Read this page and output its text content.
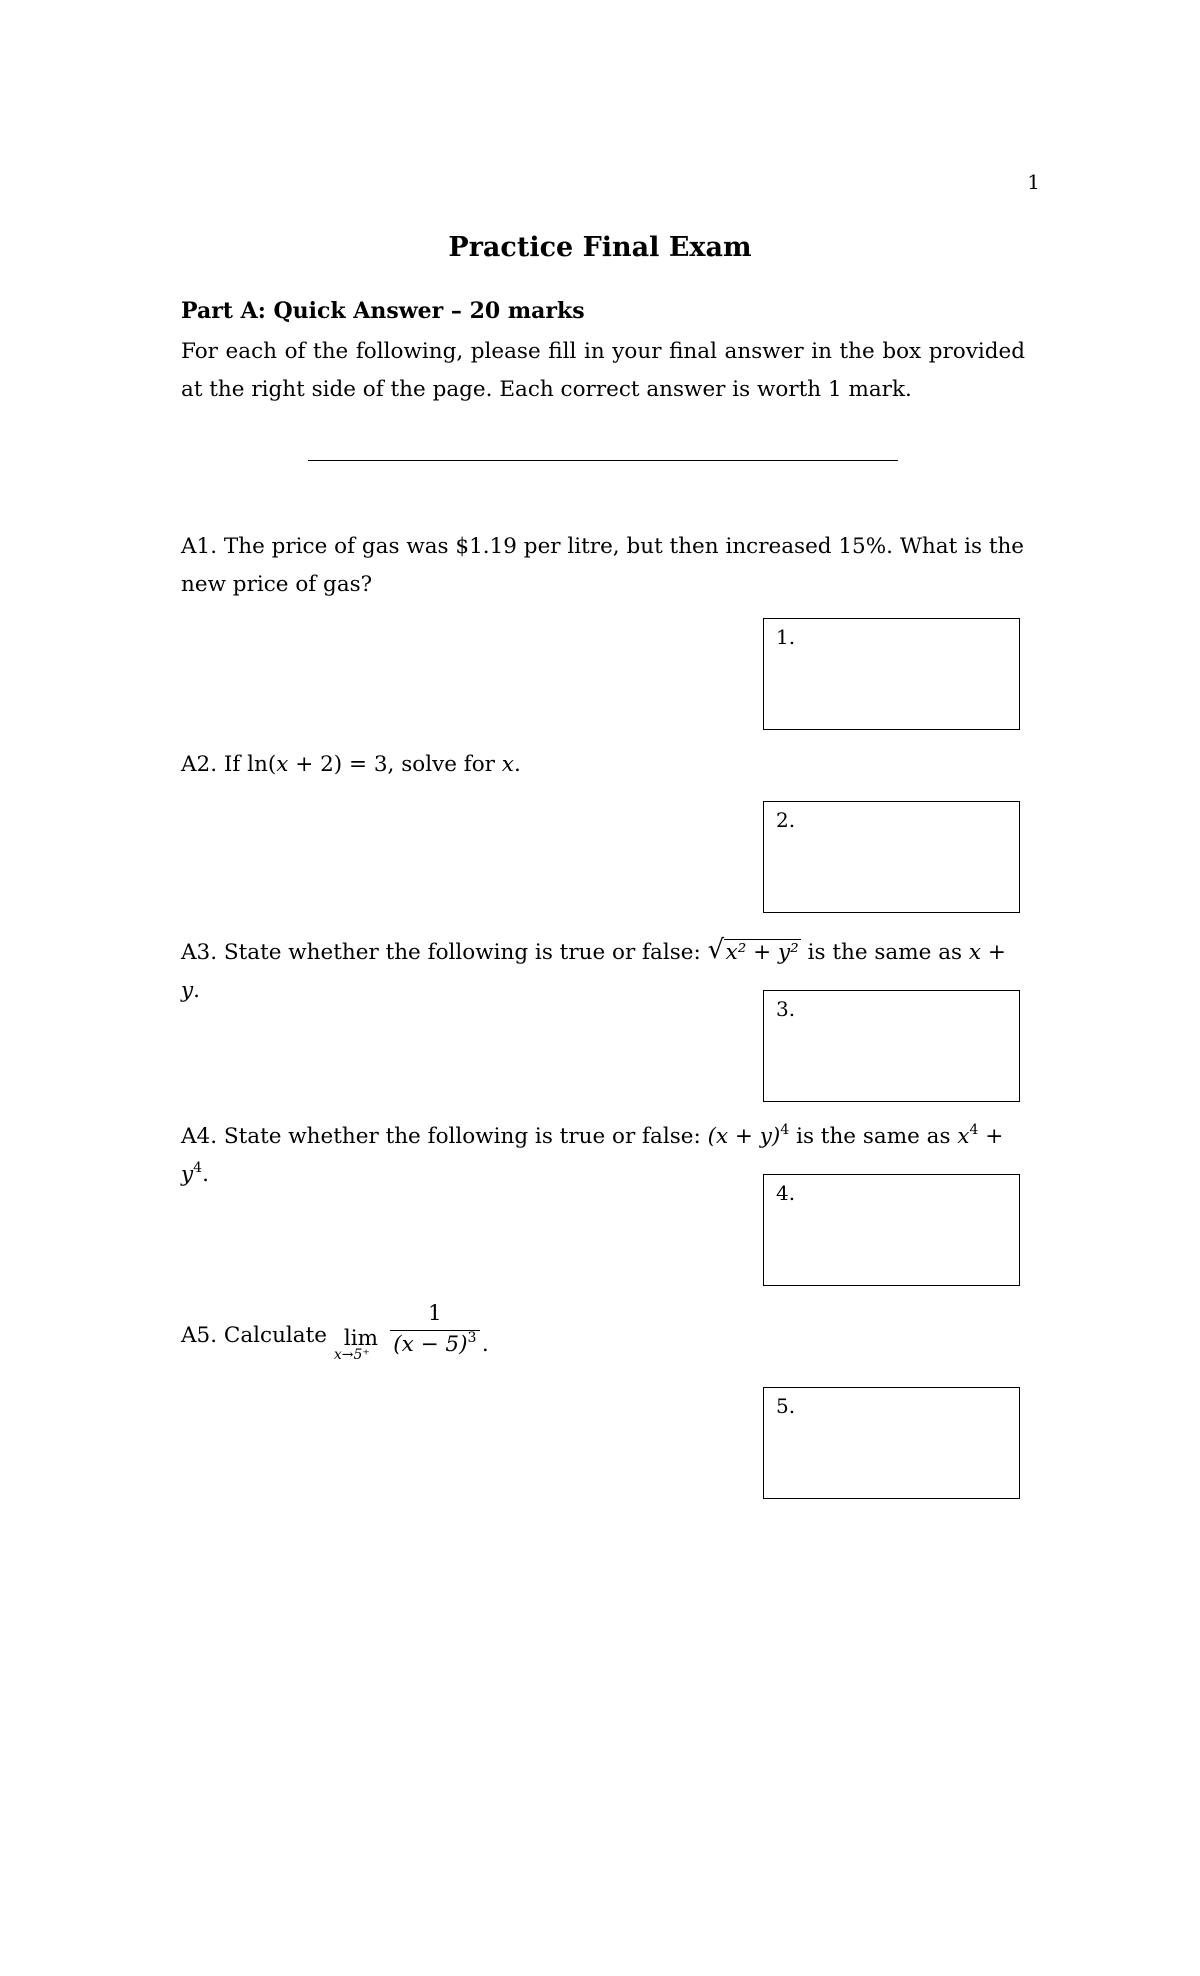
1
Practice Final Exam
Part A: Quick Answer – 20 marks
For each of the following, please fill in your final answer in the box provided at the right side of the page. Each correct answer is worth 1 mark.
A1. The price of gas was $1.19 per litre, but then increased 15%. What is the new price of gas?
1.
A2. If ln(x + 2) = 3, solve for x.
2.
A3. State whether the following is true or false: √ x² + y² is the same as x + y.
3.
A4. State whether the following is true or false: $(x + y)^4$ is the same as $x^4 + y^4$.
4.
A5. Calculate lim
x→5⁺
1
$(x - 5)^3$ .
5.
